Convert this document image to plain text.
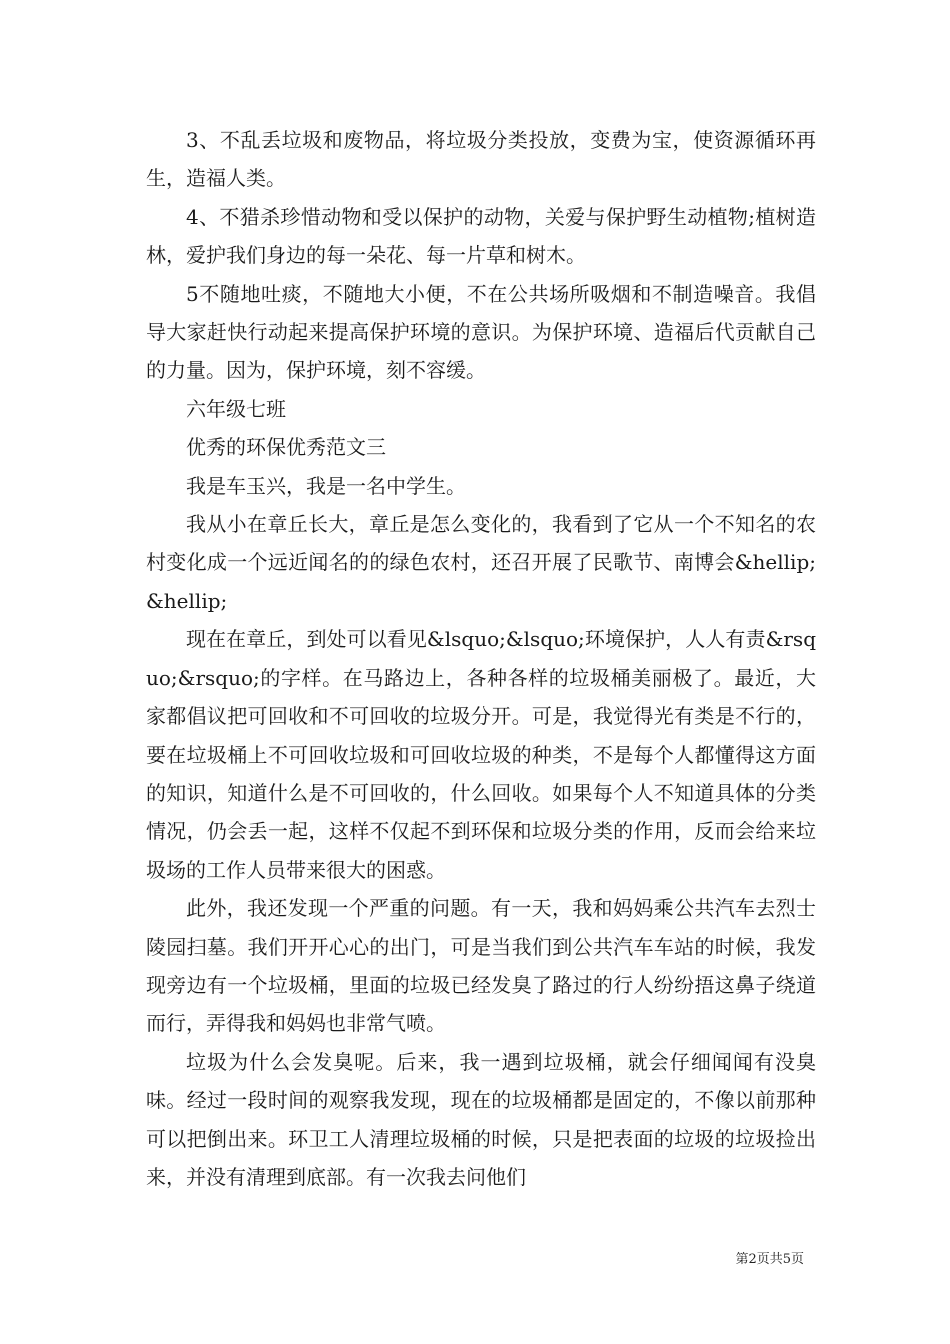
3、不乱丢垃圾和废物品，将垃圾分类投放，变费为宝，使资源循环再生，造福人类。

4、不猎杀珍惜动物和受以保护的动物，关爱与保护野生动植物;植树造林，爱护我们身边的每一朵花、每一片草和树木。

5不随地吐痰，不随地大小便，不在公共场所吸烟和不制造噪音。我倡导大家赶快行动起来提高保护环境的意识。为保护环境、造福后代贡献自己的力量。因为，保护环境，刻不容缓。

六年级七班

优秀的环保优秀范文三

我是车玉兴，我是一名中学生。

我从小在章丘长大，章丘是怎么变化的，我看到了它从一个不知名的农村变化成一个远近闻名的的绿色农村，还召开展了民歌节、南博会&hellip;&hellip;

现在在章丘，到处可以看见&lsquo;&lsquo;环境保护，人人有责&rsquo;&rsquo;的字样。在马路边上，各种各样的垃圾桶美丽极了。最近，大家都倡议把可回收和不可回收的垃圾分开。可是，我觉得光有类是不行的，要在垃圾桶上不可回收垃圾和可回收垃圾的种类，不是每个人都懂得这方面的知识，知道什么是不可回收的，什么回收。如果每个人不知道具体的分类情况，仍会丢一起，这样不仅起不到环保和垃圾分类的作用，反而会给来垃圾场的工作人员带来很大的困惑。

此外，我还发现一个严重的问题。有一天，我和妈妈乘公共汽车去烈士陵园扫墓。我们开开心心的出门，可是当我们到公共汽车车站的时候，我发现旁边有一个垃圾桶，里面的垃圾已经发臭了路过的行人纷纷捂这鼻子绕道而行，弄得我和妈妈也非常气喷。

垃圾为什么会发臭呢。后来，我一遇到垃圾桶，就会仔细闻闻有没臭味。经过一段时间的观察我发现，现在的垃圾桶都是固定的，不像以前那种可以把倒出来。环卫工人清理垃圾桶的时候，只是把表面的垃圾的垃圾捡出来，并没有清理到底部。有一次我去问他们

第2页共5页
